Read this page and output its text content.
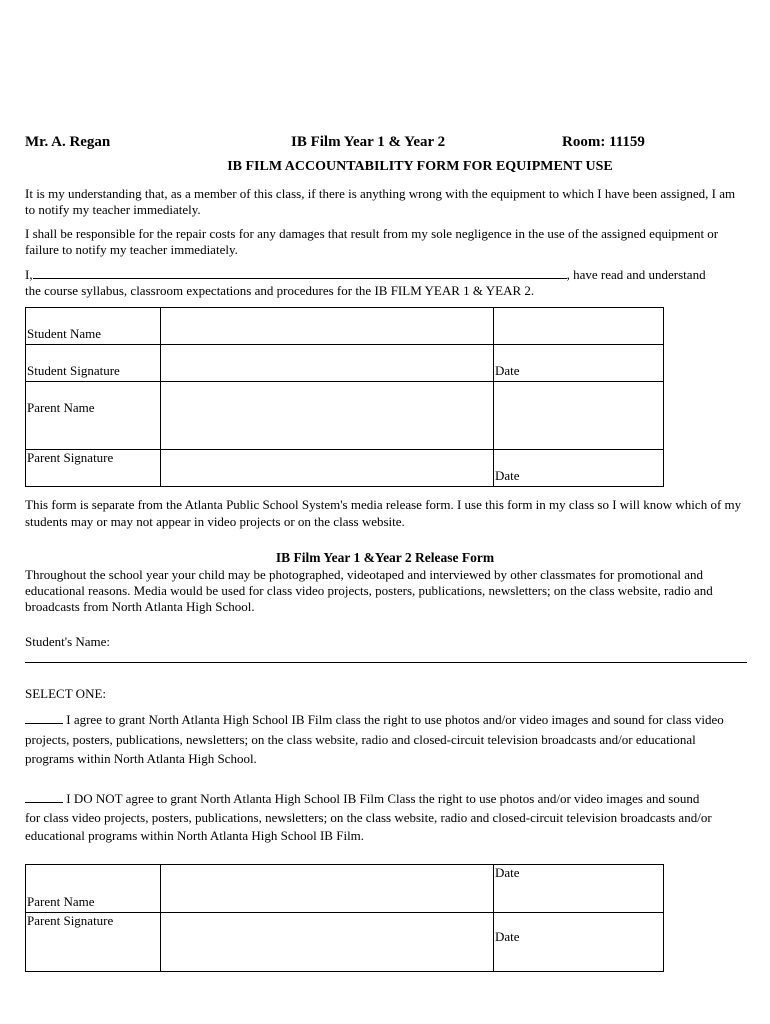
Mr. A. Regan	IB Film Year 1 & Year 2	Room: 11159
IB FILM ACCOUNTABILITY FORM FOR EQUIPMENT USE
It is my understanding that, as a member of this class, if there is anything wrong with the equipment to which I have been assigned, I am to notify my teacher immediately.
I shall be responsible for the repair costs for any damages that result from my sole negligence in the use of the assigned equipment or failure to notify my teacher immediately.
I,	, have read and understand
the course syllabus, classroom expectations and procedures for the IB FILM YEAR 1 & YEAR 2.
Student Name		
Student Signature		Date
Parent Name		
Parent Signature		Date
This form is separate from the Atlanta Public School System's media release form. I use this form in my class so I will know which of my students may or may not appear in video projects or on the class website.
IB Film Year 1 &Year 2 Release Form
Throughout the school year your child may be photographed, videotaped and interviewed by other classmates for promotional and educational reasons. Media would be used for class video projects, posters, publications, newsletters; on the class website, radio and broadcasts from North Atlanta High School.
Student's Name:
SELECT ONE:
I agree to grant North Atlanta High School IB Film class the right to use photos and/or video images and sound for class video projects, posters, publications, newsletters; on the class website, radio and closed-circuit television broadcasts and/or educational programs within North Atlanta High School.
I DO NOT agree to grant North Atlanta High School IB Film Class the right to use photos and/or video images and sound for class video projects, posters, publications, newsletters; on the class website, radio and closed-circuit television broadcasts and/or educational programs within North Atlanta High School IB Film.
Parent Name		Date
Parent Signature		Date
